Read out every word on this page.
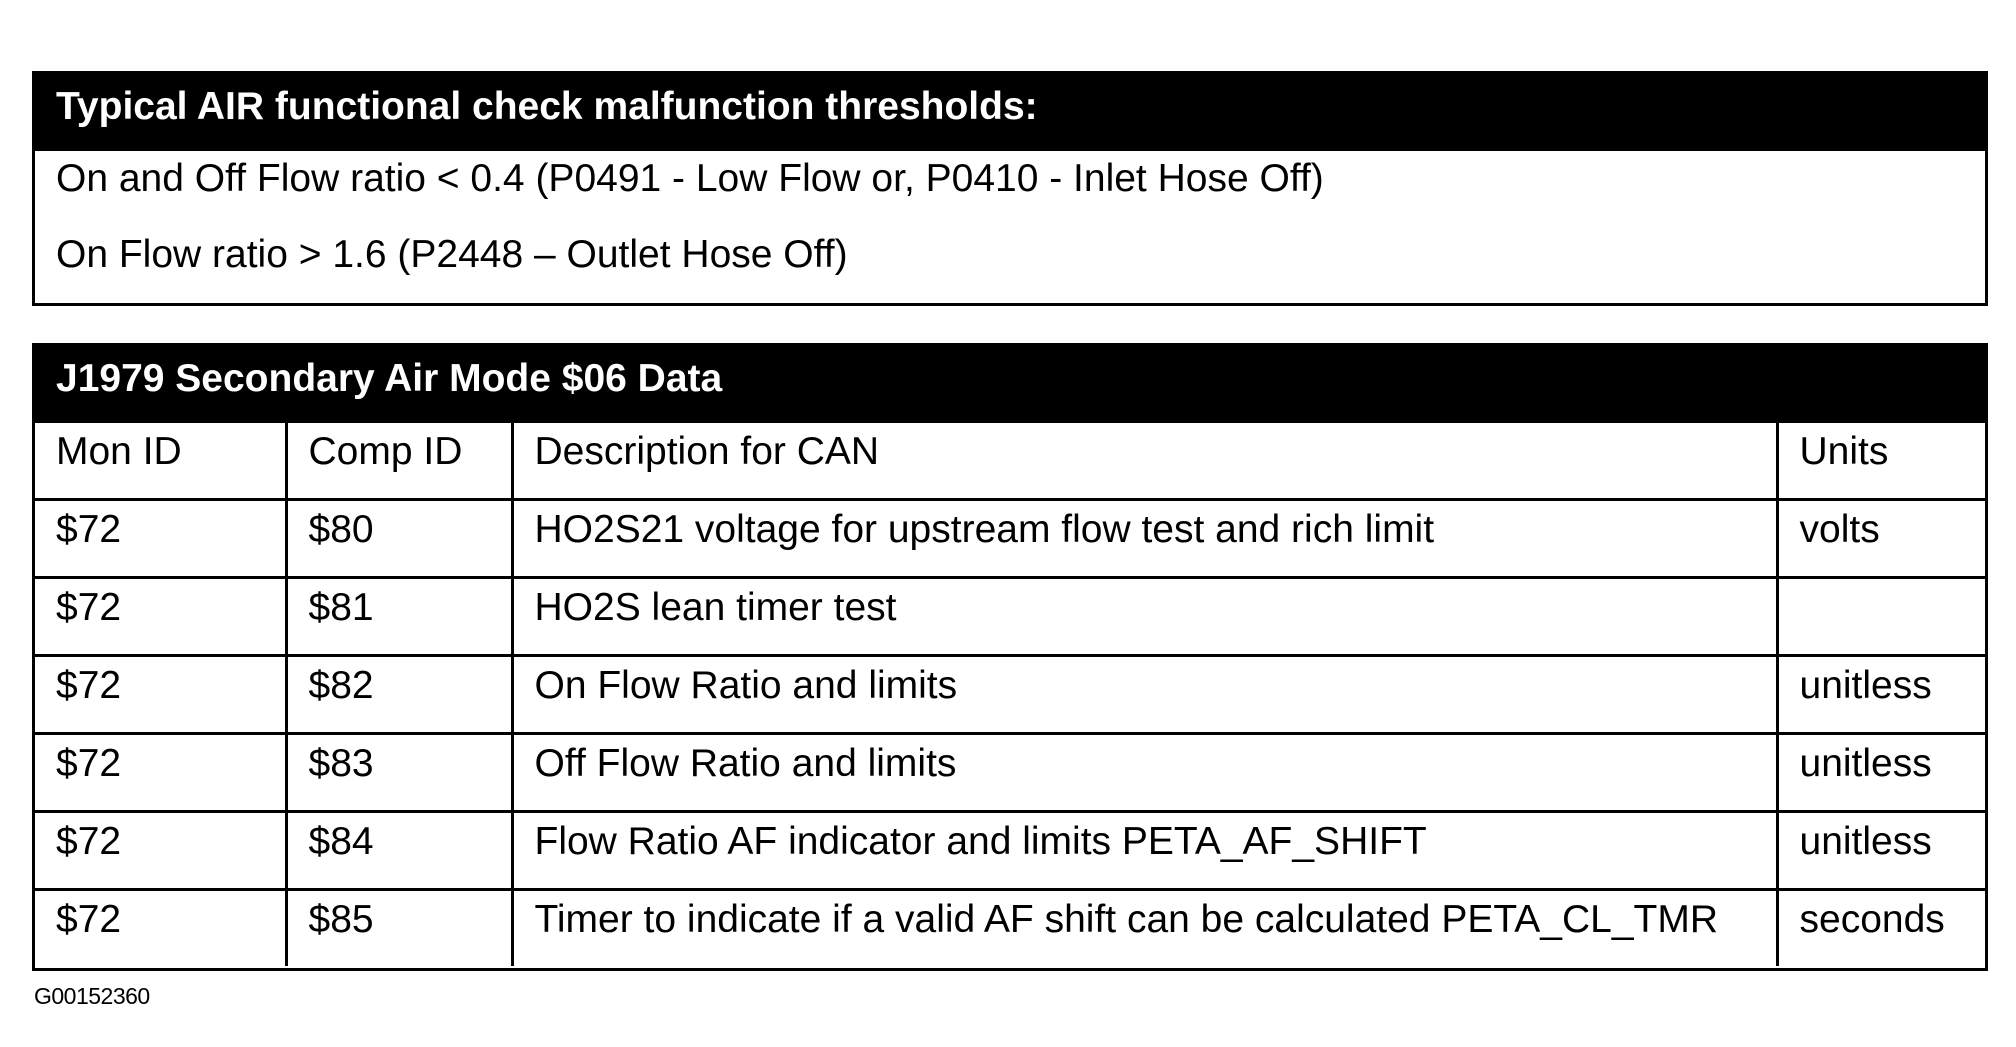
Typical AIR functional check malfunction thresholds:
On and Off Flow ratio < 0.4 (P0491 - Low Flow or, P0410 - Inlet Hose Off)
On Flow ratio > 1.6 (P2448 – Outlet Hose Off)
J1979 Secondary Air Mode $06 Data
Mon ID	Comp ID	Description for CAN	Units
$72	$80	HO2S21 voltage for upstream flow test and rich limit	volts
$72	$81	HO2S lean timer test	
$72	$82	On Flow Ratio and limits	unitless
$72	$83	Off Flow Ratio and limits	unitless
$72	$84	Flow Ratio AF indicator and limits PETA_AF_SHIFT	unitless
$72	$85	Timer to indicate if a valid AF shift can be calculated PETA_CL_TMR	seconds
G00152360
